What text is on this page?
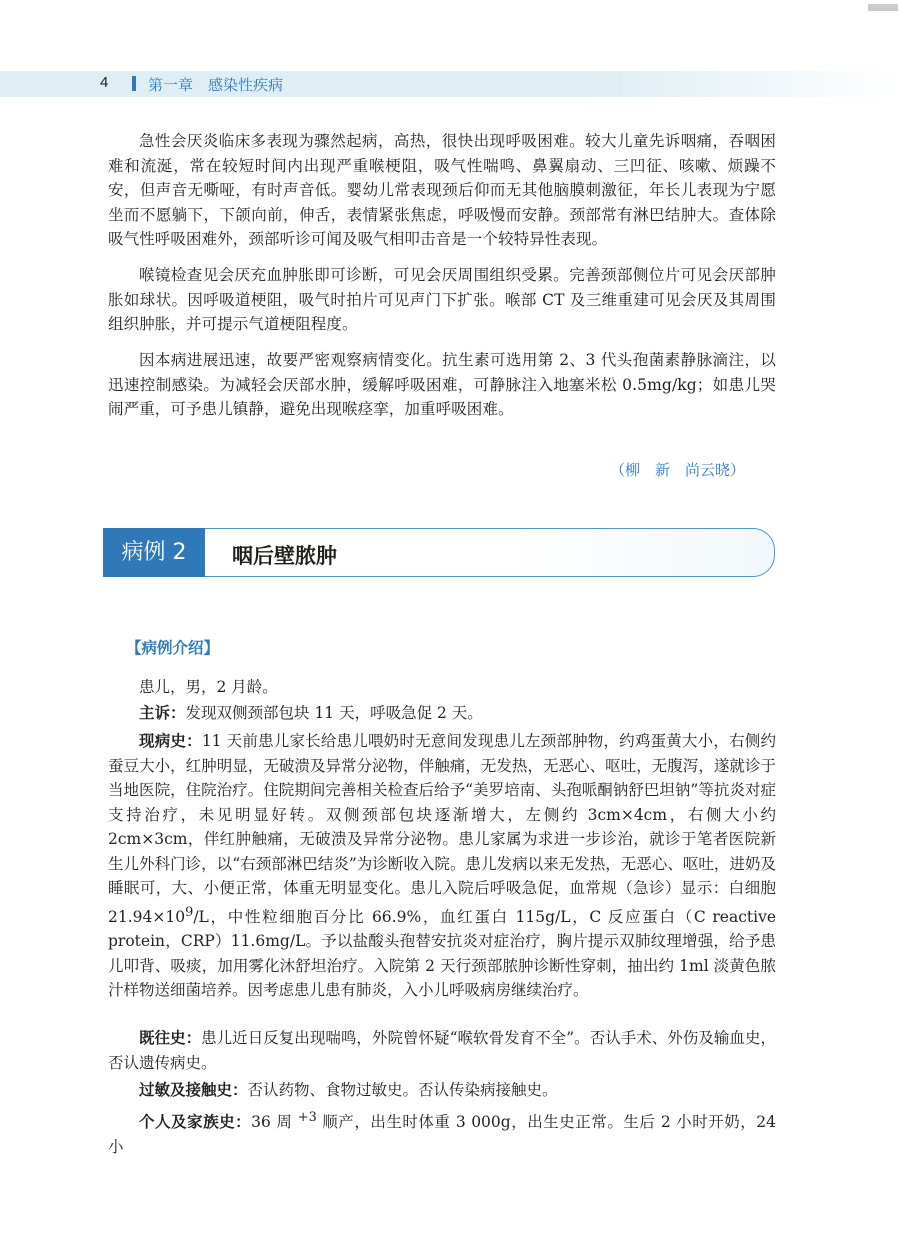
4	第一章　感染性疾病

急性会厌炎临床多表现为骤然起病，高热，很快出现呼吸困难。较大儿童先诉咽痛，吞咽困难和流涎，常在较短时间内出现严重喉梗阻，吸气性喘鸣、鼻翼扇动、三凹征、咳嗽、烦躁不安，但声音无嘶哑，有时声音低。婴幼儿常表现颈后仰而无其他脑膜刺激征，年长儿表现为宁愿坐而不愿躺下，下颌向前，伸舌，表情紧张焦虑，呼吸慢而安静。颈部常有淋巴结肿大。查体除吸气性呼吸困难外，颈部听诊可闻及吸气相叩击音是一个较特异性表现。

喉镜检查见会厌充血肿胀即可诊断，可见会厌周围组织受累。完善颈部侧位片可见会厌部肿胀如球状。因呼吸道梗阻，吸气时拍片可见声门下扩张。喉部 CT 及三维重建可见会厌及其周围组织肿胀，并可提示气道梗阻程度。

因本病进展迅速，故要严密观察病情变化。抗生素可选用第 2、3 代头孢菌素静脉滴注，以迅速控制感染。为减轻会厌部水肿，缓解呼吸困难，可静脉注入地塞米松 0.5mg/kg；如患儿哭闹严重，可予患儿镇静，避免出现喉痉挛，加重呼吸困难。

（柳　新　尚云晓）
病例 2	咽后壁脓肿
【病例介绍】

患儿，男，2 月龄。

主诉：发现双侧颈部包块 11 天，呼吸急促 2 天。

现病史：11 天前患儿家长给患儿喂奶时无意间发现患儿左颈部肿物，约鸡蛋黄大小，右侧约蚕豆大小，红肿明显，无破溃及异常分泌物，伴触痛，无发热，无恶心、呕吐，无腹泻，遂就诊于当地医院，住院治疗。住院期间完善相关检查后给予“美罗培南、头孢哌酮钠舒巴坦钠”等抗炎对症支持治疗，未见明显好转。双侧颈部包块逐渐增大，左侧约 3cm×4cm，右侧大小约 2cm×3cm，伴红肿触痛，无破溃及异常分泌物。患儿家属为求进一步诊治，就诊于笔者医院新生儿外科门诊，以“右颈部淋巴结炎”为诊断收入院。患儿发病以来无发热，无恶心、呕吐，进奶及睡眠可，大、小便正常，体重无明显变化。患儿入院后呼吸急促，血常规（急诊）显示：白细胞 $21.94\times 10^9/L$，中性粒细胞百分比 66.9%，血红蛋白 115g/L，C 反应蛋白（C reactive protein，CRP）11.6mg/L。予以盐酸头孢替安抗炎对症治疗，胸片提示双肺纹理增强，给予患儿叩背、吸痰，加用雾化沐舒坦治疗。入院第 2 天行颈部脓肿诊断性穿刺，抽出约 1ml 淡黄色脓汁样物送细菌培养。因考虑患儿患有肺炎，入小儿呼吸病房继续治疗。

既往史：患儿近日反复出现喘鸣，外院曾怀疑“喉软骨发育不全”。否认手术、外伤及输血史，否认遗传病史。

过敏及接触史：否认药物、食物过敏史。否认传染病接触史。

个人及家族史：36 周 $^{+3}$ 顺产，出生时体重 3 000g，出生史正常。生后 2 小时开奶，24 小
